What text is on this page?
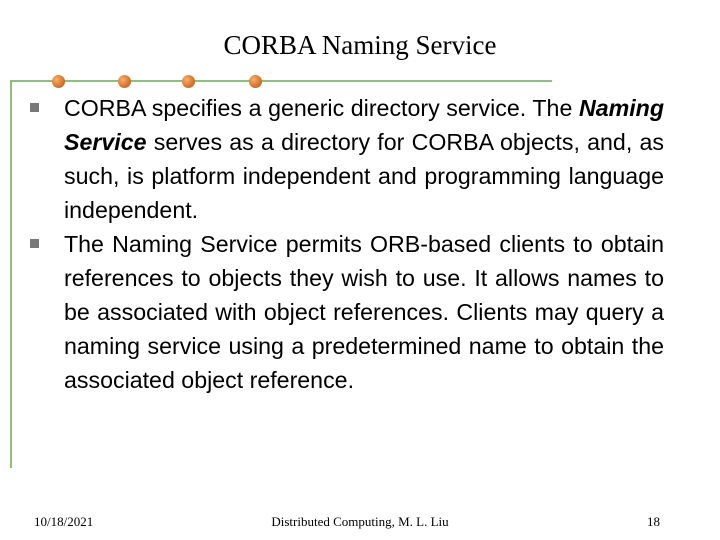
CORBA Naming Service
CORBA specifies a generic directory service. The Naming Service serves as a directory for CORBA objects, and, as such, is platform independent and programming language independent.
The Naming Service permits ORB-based clients to obtain references to objects they wish to use. It allows names to be associated with object references. Clients may query a naming service using a predetermined name to obtain the associated object reference.
10/18/2021	Distributed Computing, M. L. Liu	18
